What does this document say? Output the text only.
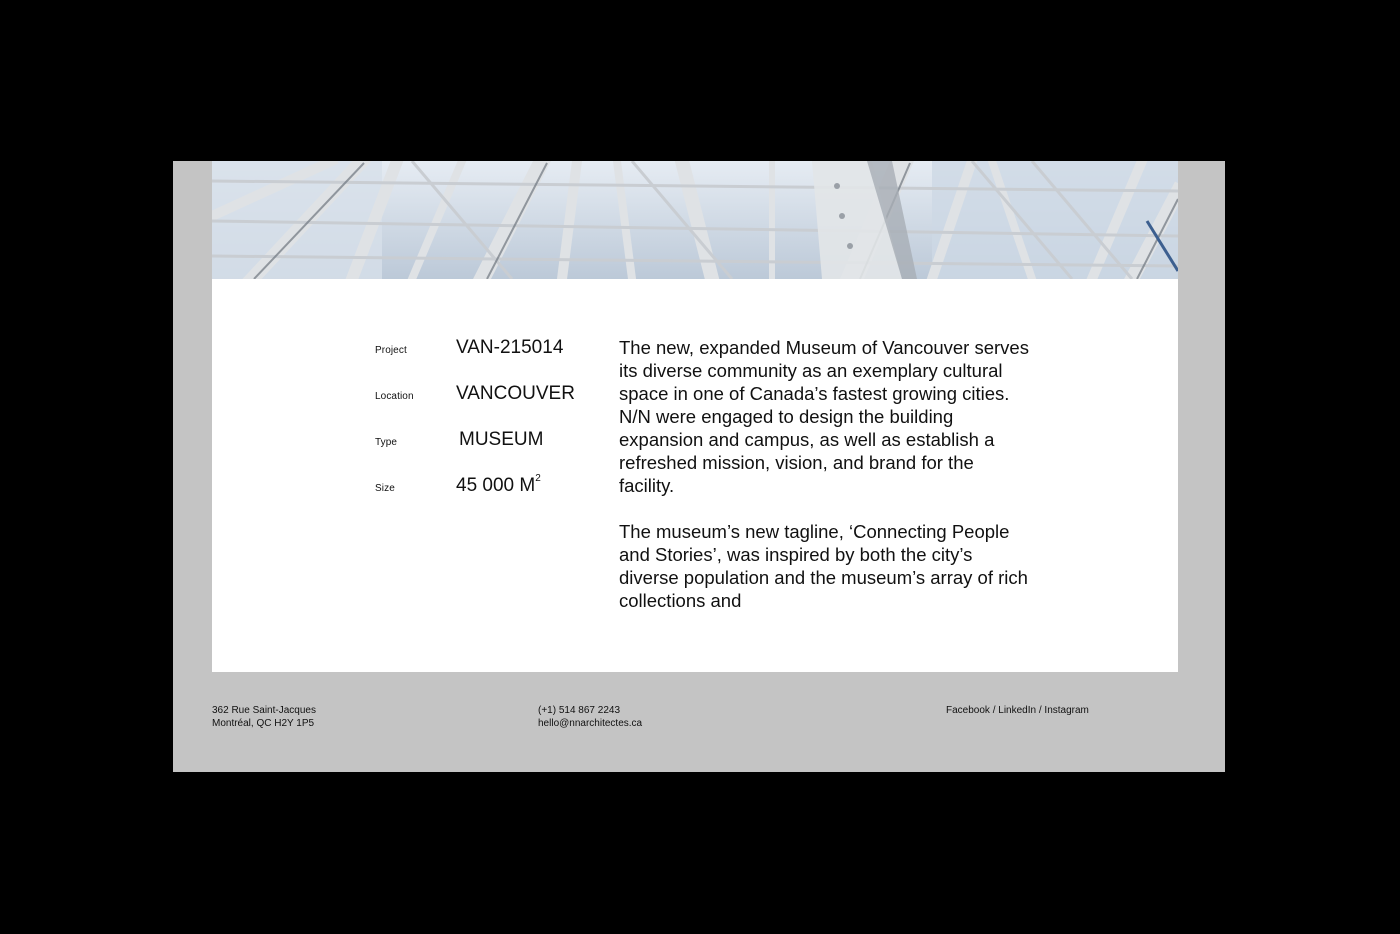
Project	VAN-215014
Location VANCOUVER
Type	MUSEUM
Size	45 000 $M^2$

The new, expanded Museum of Vancouver serves its diverse community as an exemplary cultural space in one of Canada’s fastest growing cities. N/N were engaged to design the building expansion and campus, as well as establish a refreshed mission, vision, and brand for the facility.

The museum’s new tagline, ‘Connecting People and Stories’, was inspired by both the city’s diverse population and the museum’s array of rich collections and

362 Rue Saint-Jacques
Montréal, QC H2Y 1P5
(+1) 514 867 2243
hello@nnarchitectes.ca
Facebook / LinkedIn / Instagram
